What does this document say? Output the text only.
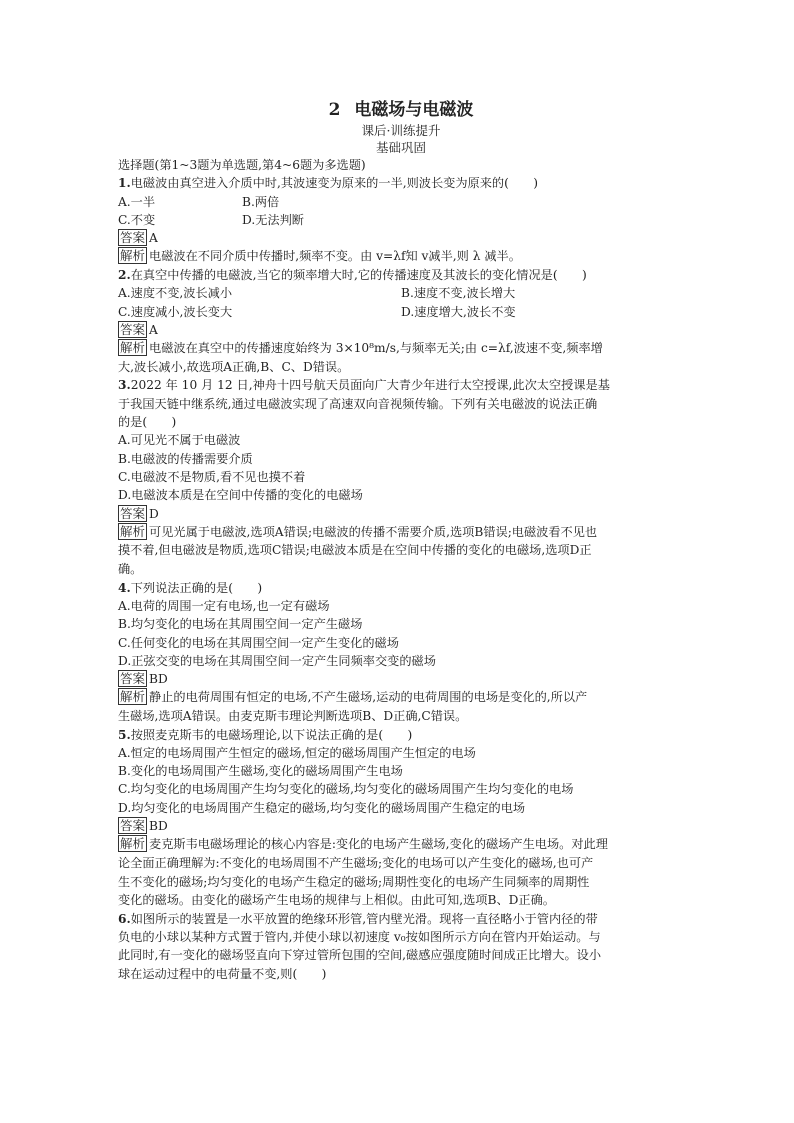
2 电磁场与电磁波
课后·训练提升
基础巩固
选择题(第1~3题为单选题,第4~6题为多选题)
1.电磁波由真空进入介质中时,其波速变为原来的一半,则波长变为原来的(　　)
A.一半	B.两倍
C.不变	D.无法判断
答案 A
解析 电磁波在不同介质中传播时,频率不变。由 v=λf知 v减半,则 λ 减半。
2.在真空中传播的电磁波,当它的频率增大时,它的传播速度及其波长的变化情况是(　　)
A.速度不变,波长减小	B.速度不变,波长增大
C.速度减小,波长变大	D.速度增大,波长不变
答案 A
解析 电磁波在真空中的传播速度始终为 3×10⁸m/s,与频率无关;由 c=λf,波速不变,频率增
大,波长减小,故选项A正确,B、C、D错误。
3.2022 年 10 月 12 日,神舟十四号航天员面向广大青少年进行太空授课,此次太空授课是基
于我国天链中继系统,通过电磁波实现了高速双向音视频传输。下列有关电磁波的说法正确
的是(　　)
A.可见光不属于电磁波
B.电磁波的传播需要介质
C.电磁波不是物质,看不见也摸不着
D.电磁波本质是在空间中传播的变化的电磁场
答案 D
解析 可见光属于电磁波,选项A错误;电磁波的传播不需要介质,选项B错误;电磁波看不见也
摸不着,但电磁波是物质,选项C错误;电磁波本质是在空间中传播的变化的电磁场,选项D正
确。
4.下列说法正确的是(　　)
A.电荷的周围一定有电场,也一定有磁场
B.均匀变化的电场在其周围空间一定产生磁场
C.任何变化的电场在其周围空间一定产生变化的磁场
D.正弦交变的电场在其周围空间一定产生同频率交变的磁场
答案 BD
解析 静止的电荷周围有恒定的电场,不产生磁场,运动的电荷周围的电场是变化的,所以产
生磁场,选项A错误。由麦克斯韦理论判断选项B、D正确,C错误。
5.按照麦克斯韦的电磁场理论,以下说法正确的是(　　)
A.恒定的电场周围产生恒定的磁场,恒定的磁场周围产生恒定的电场
B.变化的电场周围产生磁场,变化的磁场周围产生电场
C.均匀变化的电场周围产生均匀变化的磁场,均匀变化的磁场周围产生均匀变化的电场
D.均匀变化的电场周围产生稳定的磁场,均匀变化的磁场周围产生稳定的电场
答案 BD
解析 麦克斯韦电磁场理论的核心内容是:变化的电场产生磁场,变化的磁场产生电场。对此理
论全面正确理解为:不变化的电场周围不产生磁场;变化的电场可以产生变化的磁场,也可产
生不变化的磁场;均匀变化的电场产生稳定的磁场;周期性变化的电场产生同频率的周期性
变化的磁场。由变化的磁场产生电场的规律与上相似。由此可知,选项B、D正确。
6.如图所示的装置是一水平放置的绝缘环形管,管内壁光滑。现将一直径略小于管内径的带
负电的小球以某种方式置于管内,并使小球以初速度 v₀按如图所示方向在管内开始运动。与
此同时,有一变化的磁场竖直向下穿过管所包围的空间,磁感应强度随时间成正比增大。设小
球在运动过程中的电荷量不变,则(　　)
